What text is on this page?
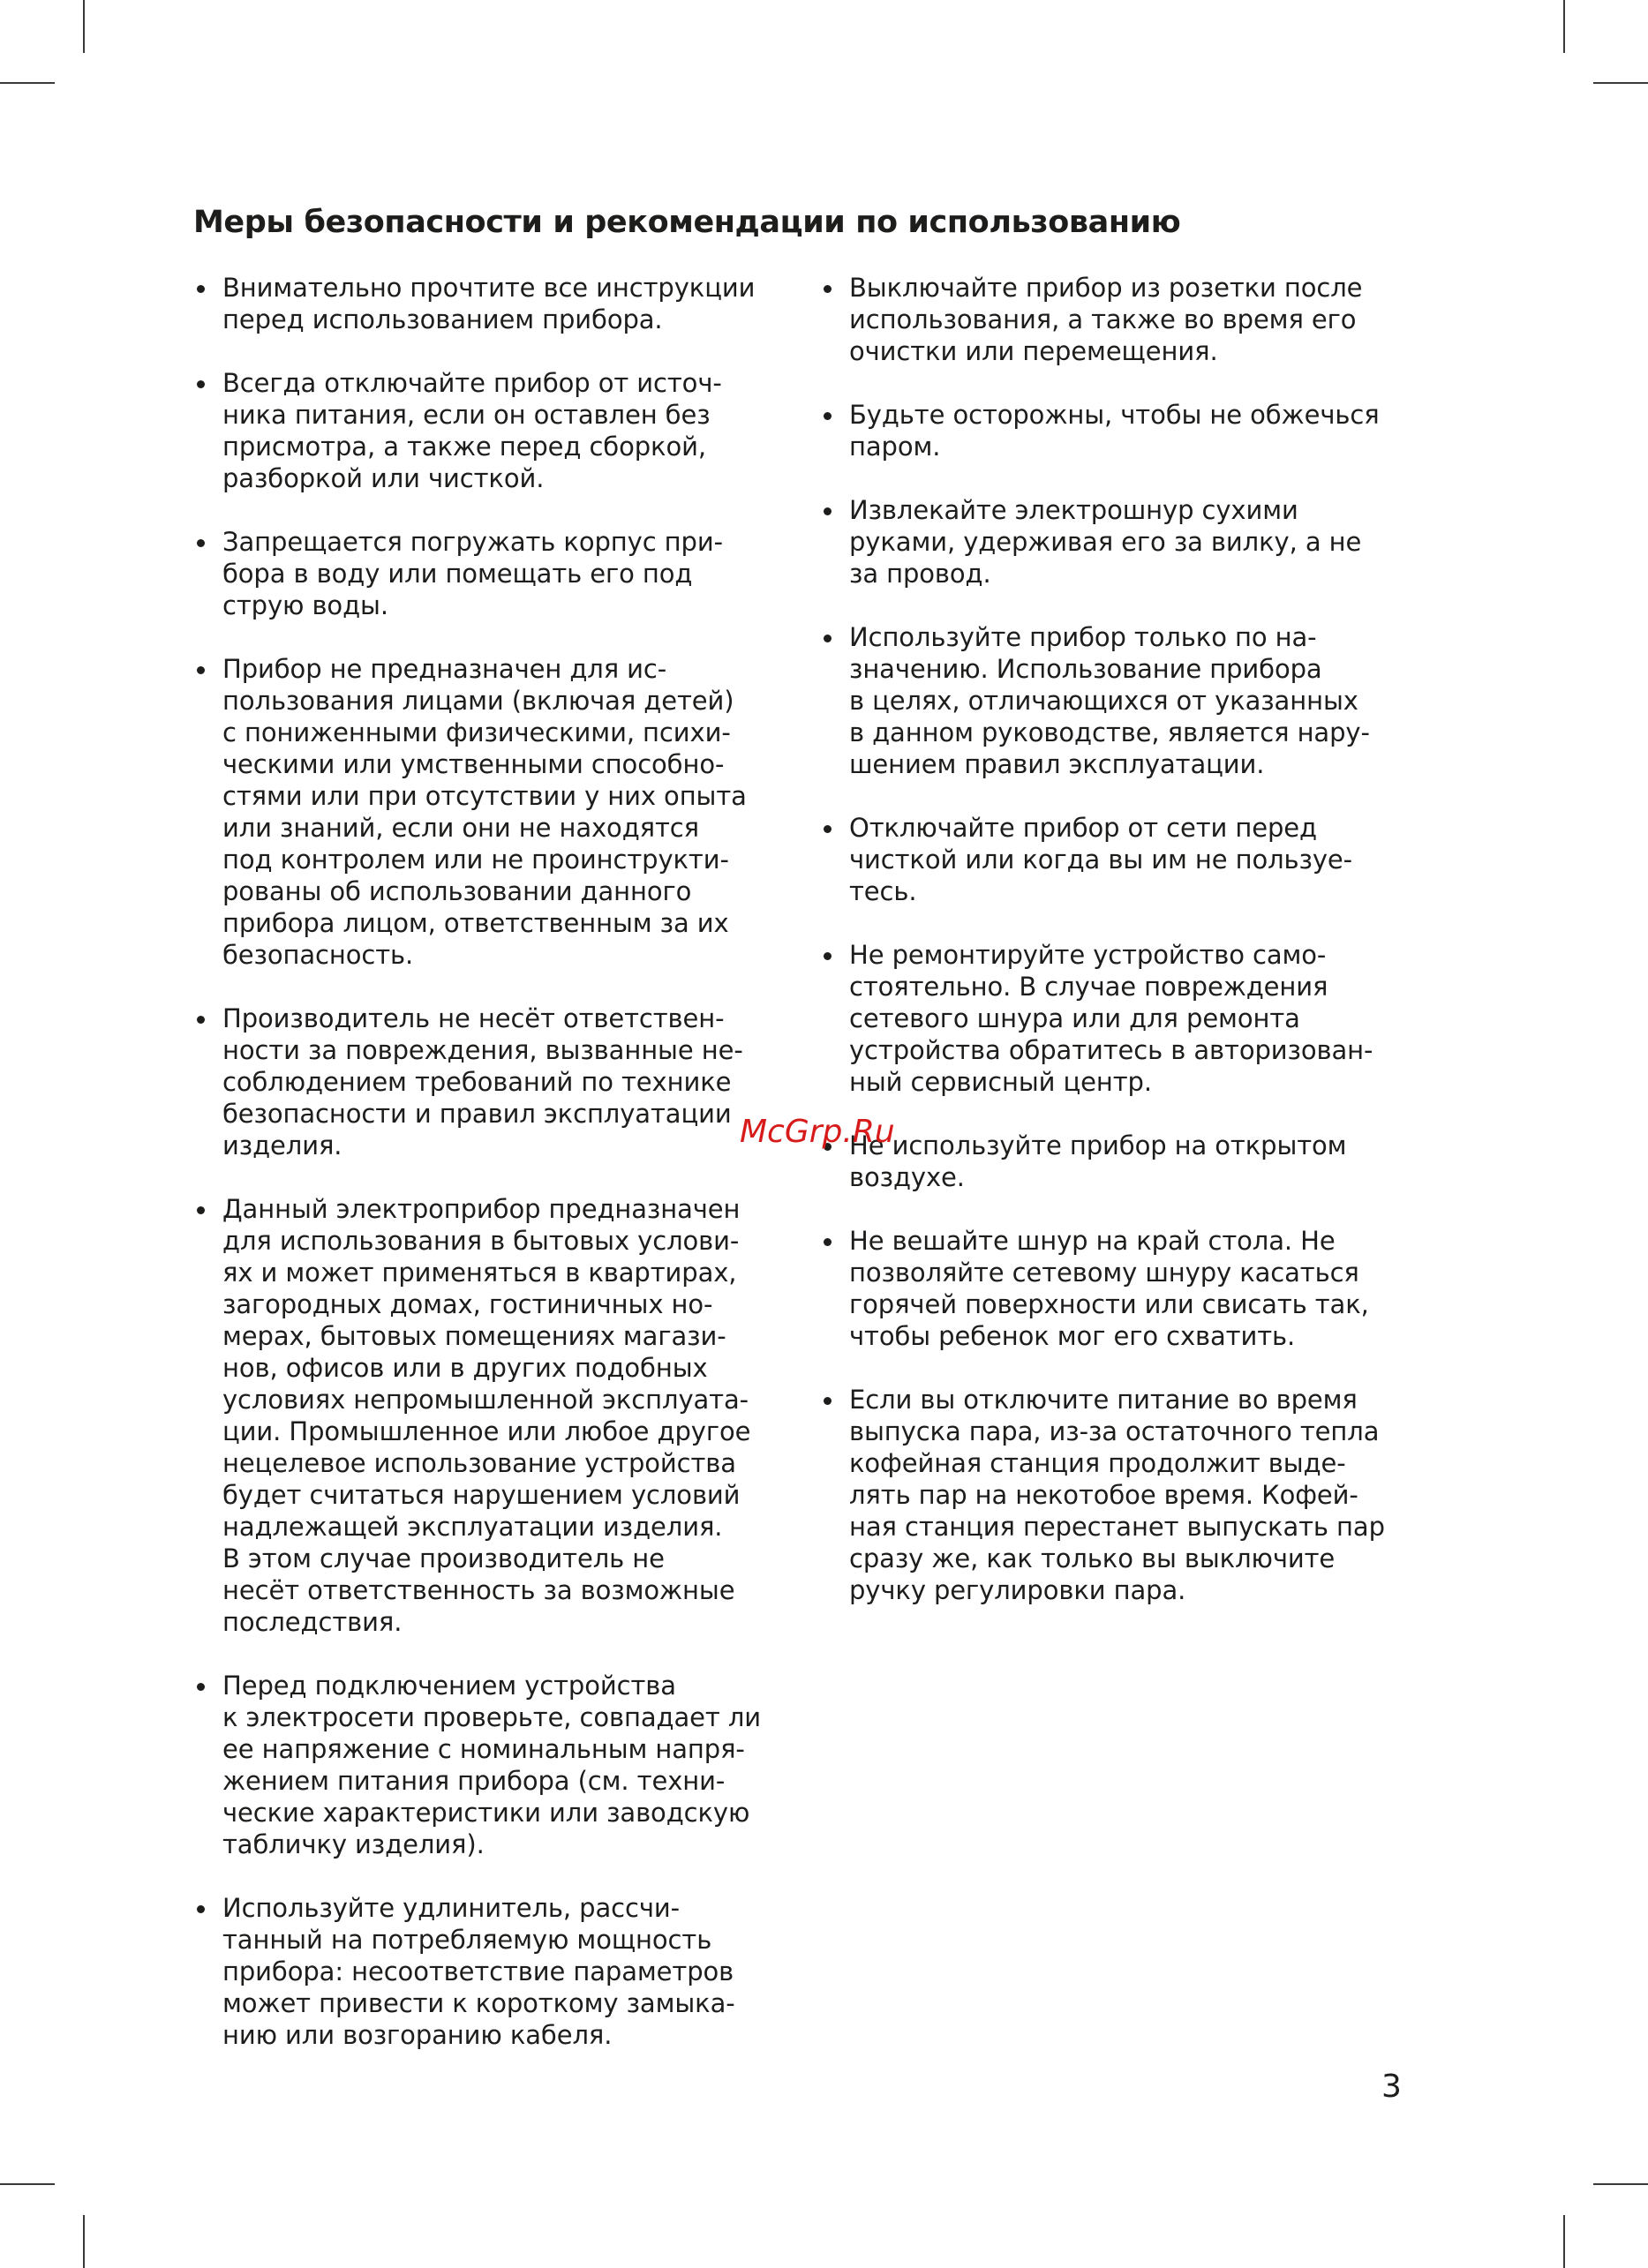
Меры безопасности и рекомендации по использованию
Внимательно прочтите все инструкции
перед использованием прибора.
Всегда отключайте прибор от источ-
ника питания, если он оставлен без
присмотра, а также перед сборкой,
разборкой или чисткой.
Запрещается погружать корпус при-
бора в воду или помещать его под
струю воды.
Прибор не предназначен для ис-
пользования лицами (включая детей)
с пониженными физическими, психи-
ческими или умственными способно-
стями или при отсутствии у них опыта
или знаний, если они не находятся
под контролем или не проинструкти-
рованы об использовании данного
прибора лицом, ответственным за их
безопасность.
Производитель не несёт ответствен-
ности за повреждения, вызванные не-
соблюдением требований по технике
безопасности и правил эксплуатации
изделия.
Данный электроприбор предназначен
для использования в бытовых услови-
ях и может применяться в квартирах,
загородных домах, гостиничных но-
мерах, бытовых помещениях магази-
нов, офисов или в других подобных
условиях непромышленной эксплуата-
ции. Промышленное или любое другое
нецелевое использование устройства
будет считаться нарушением условий
надлежащей эксплуатации изделия.
В этом случае производитель не
несёт ответственность за возможные
последствия.
Перед подключением устройства
к электросети проверьте, совпадает ли
ее напряжение с номинальным напря-
жением питания прибора (см. техни-
ческие характеристики или заводскую
табличку изделия).
Используйте удлинитель, рассчи-
танный на потребляемую мощность
прибора: несоответствие параметров
может привести к короткому замыка-
нию или возгоранию кабеля.
Выключайте прибор из розетки после
использования, а также во время его
очистки или перемещения.
Будьте осторожны, чтобы не обжечься
паром.
Извлекайте электрошнур сухими
руками, удерживая его за вилку, а не
за провод.
Используйте прибор только по на-
значению. Использование прибора
в целях, отличающихся от указанных
в данном руководстве, является нару-
шением правил эксплуатации.
Отключайте прибор от сети перед
чисткой или когда вы им не пользуе-
тесь.
Не ремонтируйте устройство само-
стоятельно. В случае повреждения
сетевого шнура или для ремонта
устройства обратитесь в авторизован-
ный сервисный центр.
Не используйте прибор на открытом
воздухе.
Не вешайте шнур на край стола. Не
позволяйте сетевому шнуру касаться
горячей поверхности или свисать так,
чтобы ребенок мог его схватить.
Если вы отключите питание во время
выпуска пара, из-за остаточного тепла
кофейная станция продолжит выде-
лять пар на некотобое время. Кофей-
ная станция перестанет выпускать пар
сразу же, как только вы выключите
ручку регулировки пара.
McGrp.Ru
3
